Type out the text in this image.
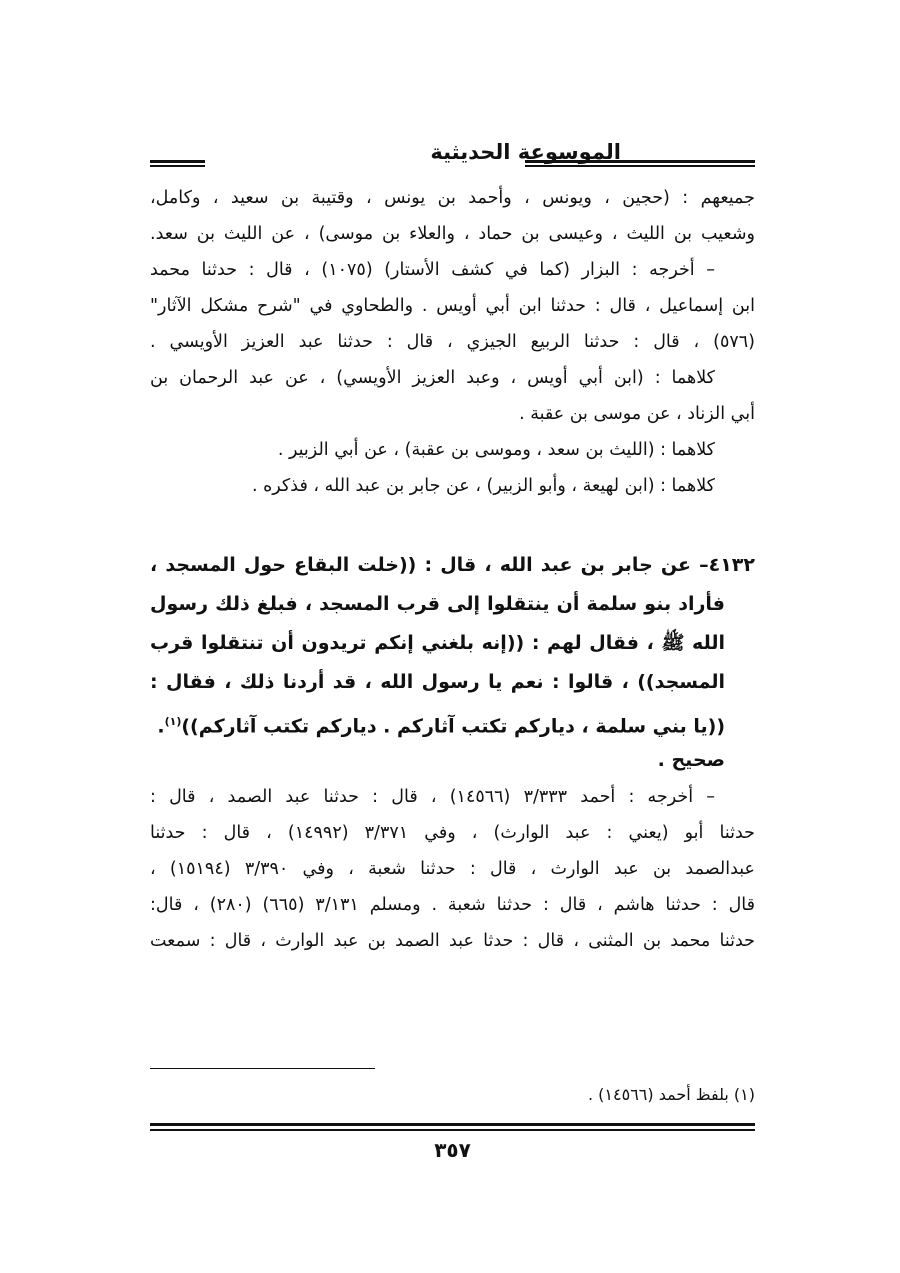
الموسوعة الحديثية
جميعهم : (حجين ، ويونس ، وأحمد بن يونس ، وقتيبة بن سعيد ، وكامل،
وشعيب بن الليث ، وعيسى بن حماد ، والعلاء بن موسى) ، عن الليث بن سعد.
– أخرجه : البزار (كما في كشف الأستار) (١٠٧٥) ، قال : حدثنا محمد
ابن إسماعيل ، قال : حدثنا ابن أبي أويس . والطحاوي في "شرح مشكل الآثار"
(٥٧٦) ، قال : حدثنا الربيع الجيزي ، قال : حدثنا عبد العزيز الأويسي .
كلاهما : (ابن أبي أويس ، وعبد العزيز الأويسي) ، عن عبد الرحمان بن
أبي الزناد ، عن موسى بن عقبة .
كلاهما : (الليث بن سعد ، وموسى بن عقبة) ، عن أبي الزبير .
كلاهما : (ابن لهيعة ، وأبو الزبير) ، عن جابر بن عبد الله ، فذكره .
٤١٣٢– عن جابر بن عبد الله ، قال : ((خلت البقاع حول المسجد ،
فأراد بنو سلمة أن ينتقلوا إلى قرب المسجد ، فبلغ ذلك رسول
الله ﷺ ، فقال لهم : ((إنه بلغني إنكم تريدون أن تنتقلوا قرب
المسجد)) ، قالوا : نعم يا رسول الله ، قد أردنا ذلك ، فقال :
((يا بني سلمة ، دياركم تكتب آثاركم . دياركم تكتب آثاركم))$^{(١)}$.
صحيح .
– أخرجه : أحمد ٣/٣٣٣ (١٤٥٦٦) ، قال : حدثنا عبد الصمد ، قال :
حدثنا أبو (يعني : عبد الوارث) ، وفي ٣/٣٧١ (١٤٩٩٢) ، قال : حدثنا
عبدالصمد بن عبد الوارث ، قال : حدثنا شعبة ، وفي ٣/٣٩٠ (١٥١٩٤) ،
قال : حدثنا هاشم ، قال : حدثنا شعبة . ومسلم ٣/١٣١ (٦٦٥) (٢٨٠) ، قال:
حدثنا محمد بن المثنى ، قال : حدثا عبد الصمد بن عبد الوارث ، قال : سمعت
(١) بلفظ أحمد (١٤٥٦٦) .
٣٥٧
